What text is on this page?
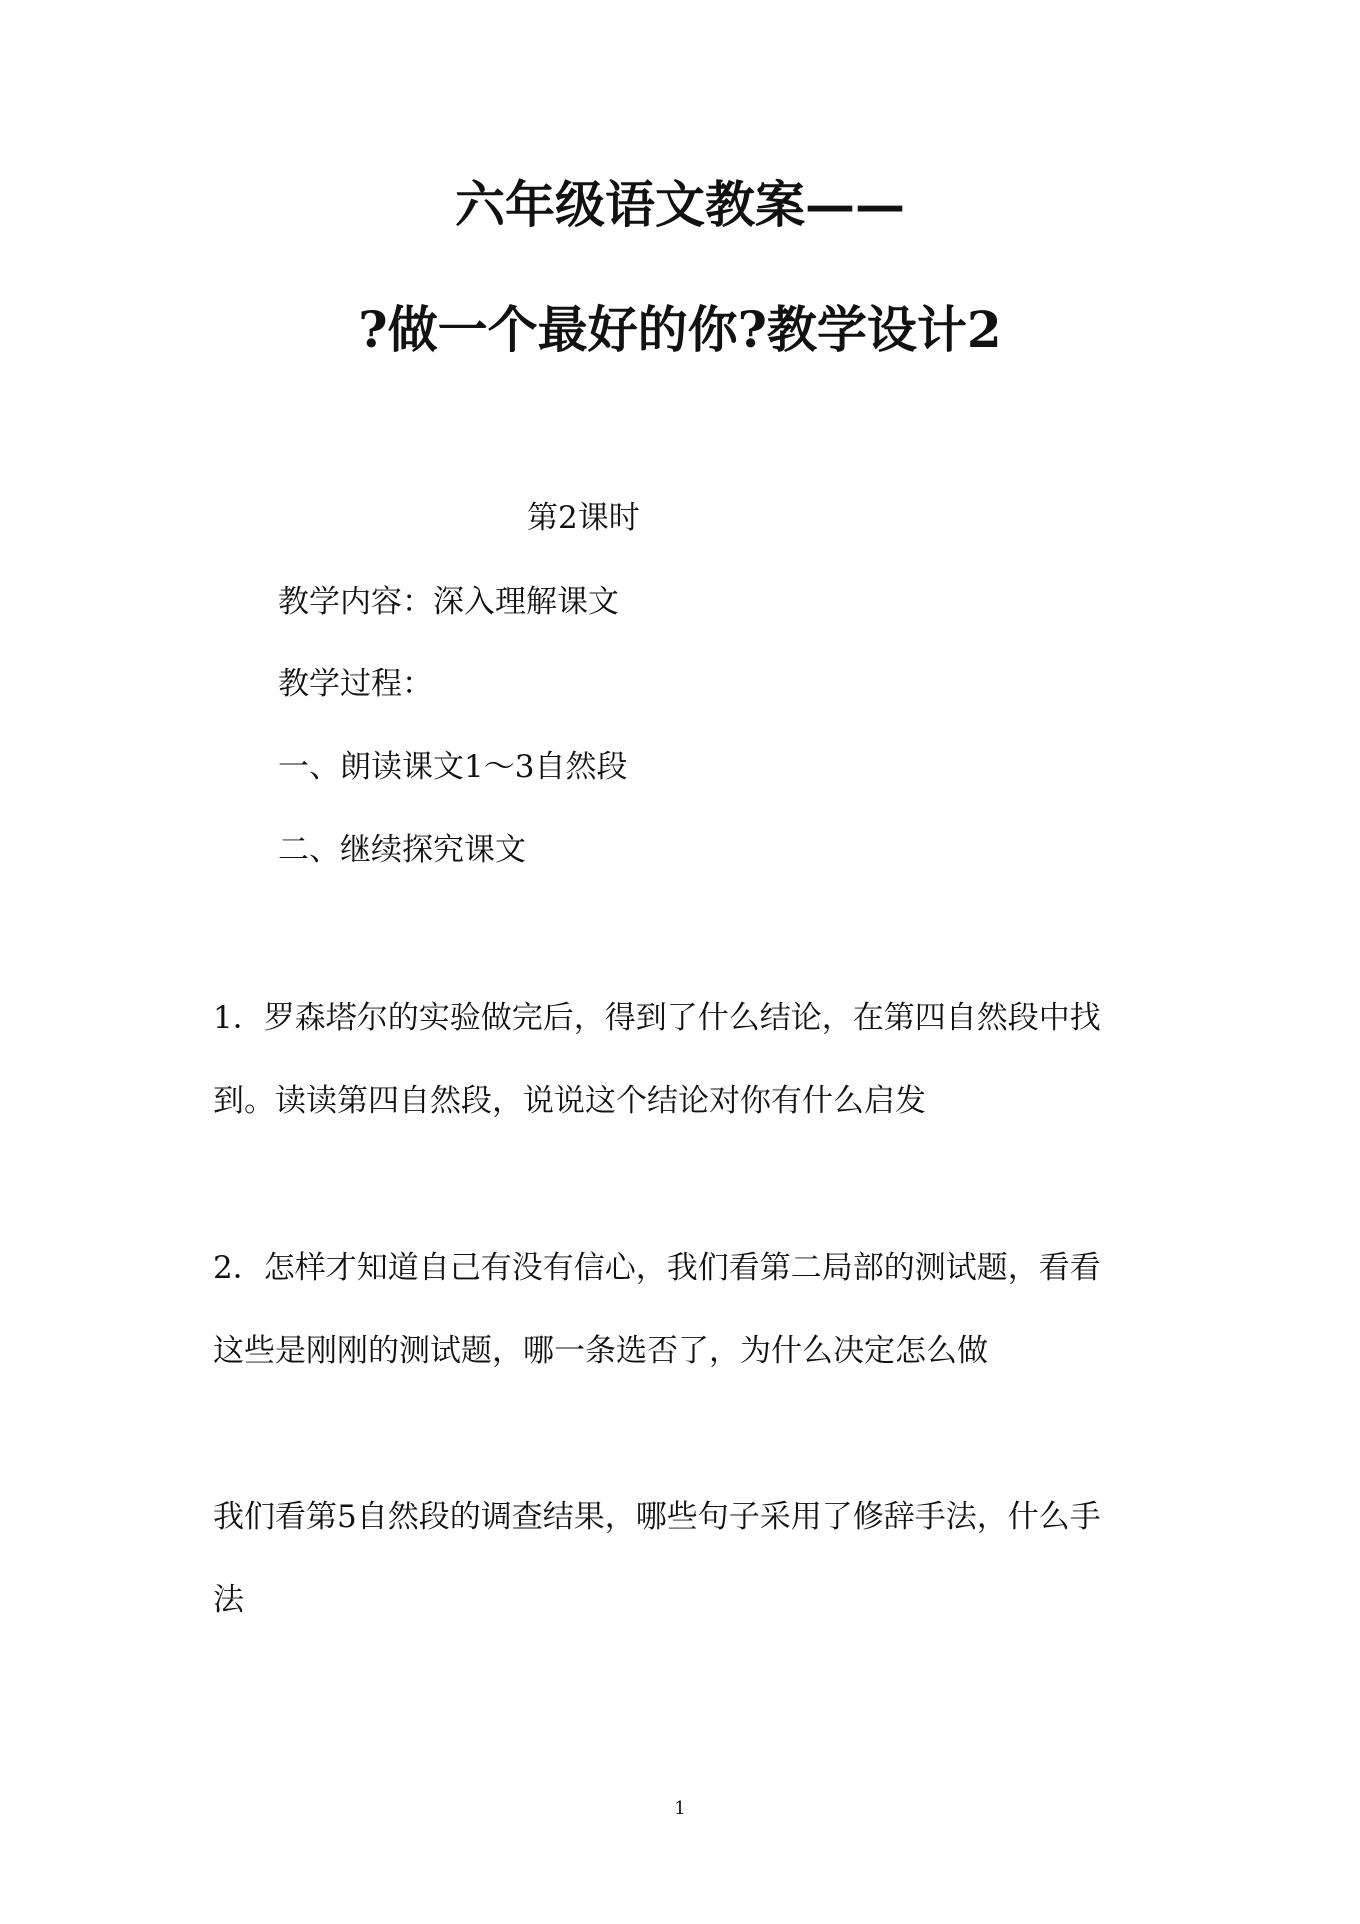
六年级语文教案——
?做一个最好的你?教学设计2
第2课时
教学内容：深入理解课文
教学过程：
一、朗读课文1～3自然段
二、继续探究课文
1．罗森塔尔的实验做完后，得到了什么结论，在第四自然段中找
到。读读第四自然段，说说这个结论对你有什么启发
2．怎样才知道自己有没有信心，我们看第二局部的测试题，看看
这些是刚刚的测试题，哪一条选否了，为什么决定怎么做
我们看第5自然段的调查结果，哪些句子采用了修辞手法，什么手
法
1
